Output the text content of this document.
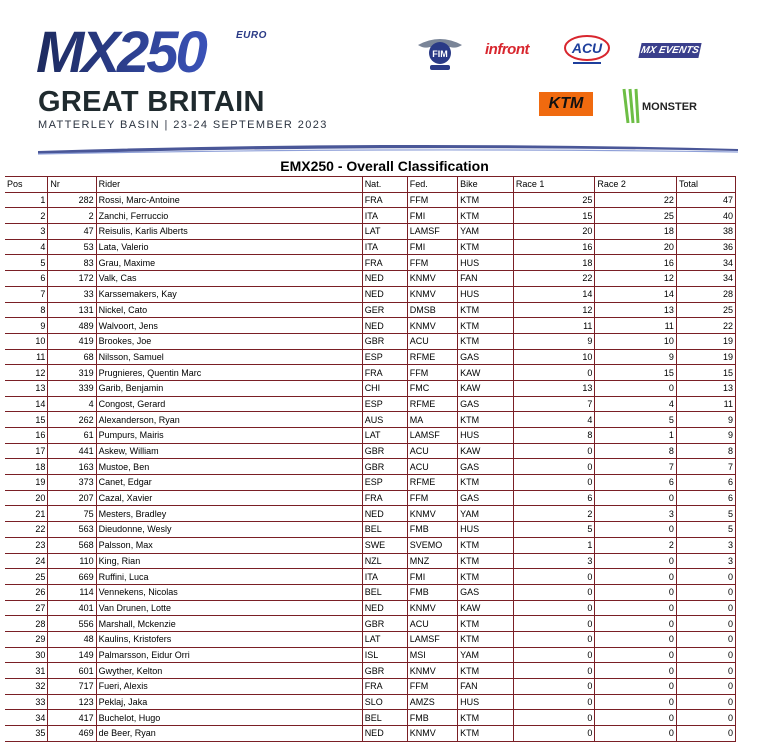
MX250	EURO
GREAT BRITAIN
MATTERLEY BASIN | 23-24 SEPTEMBER 2023
FIM infront	ACU	MX EVENTS
KTM	MONSTER
EMX250 - Overall Classification
Pos	Nr	Rider	Nat.	Fed.	Bike	Race 1	Race 2	Total
1	282	Rossi, Marc-Antoine	FRA	FFM	KTM	25	22	47
2	2	Zanchi, Ferruccio	ITA	FMI	KTM	15	25	40
3	47	Reisulis, Karlis Alberts	LAT	LAMSF	YAM	20	18	38
4	53	Lata, Valerio	ITA	FMI	KTM	16	20	36
5	83	Grau, Maxime	FRA	FFM	HUS	18	16	34
6	172	Valk, Cas	NED	KNMV	FAN	22	12	34
7	33	Karssemakers, Kay	NED	KNMV	HUS	14	14	28
8	131	Nickel, Cato	GER	DMSB	KTM	12	13	25
9	489	Walvoort, Jens	NED	KNMV	KTM	11	11	22
10	419	Brookes, Joe	GBR	ACU	KTM	9	10	19
11	68	Nilsson, Samuel	ESP	RFME	GAS	10	9	19
12	319	Prugnieres, Quentin Marc	FRA	FFM	KAW	0	15	15
13	339	Garib, Benjamin	CHI	FMC	KAW	13	0	13
14	4	Congost, Gerard	ESP	RFME	GAS	7	4	11
15	262	Alexanderson, Ryan	AUS	MA	KTM	4	5	9
16	61	Pumpurs, Mairis	LAT	LAMSF	HUS	8	1	9
17	441	Askew, William	GBR	ACU	KAW	0	8	8
18	163	Mustoe, Ben	GBR	ACU	GAS	0	7	7
19	373	Canet, Edgar	ESP	RFME	KTM	0	6	6
20	207	Cazal, Xavier	FRA	FFM	GAS	6	0	6
21	75	Mesters, Bradley	NED	KNMV	YAM	2	3	5
22	563	Dieudonne, Wesly	BEL	FMB	HUS	5	0	5
23	568	Palsson, Max	SWE	SVEMO	KTM	1	2	3
24	110	King, Rian	NZL	MNZ	KTM	3	0	3
25	669	Ruffini, Luca	ITA	FMI	KTM	0	0	0
26	114	Vennekens, Nicolas	BEL	FMB	GAS	0	0	0
27	401	Van Drunen, Lotte	NED	KNMV	KAW	0	0	0
28	556	Marshall, Mckenzie	GBR	ACU	KTM	0	0	0
29	48	Kaulins, Kristofers	LAT	LAMSF	KTM	0	0	0
30	149	Palmarsson, Eidur Orri	ISL	MSI	YAM	0	0	0
31	601	Gwyther, Kelton	GBR	KNMV	KTM	0	0	0
32	717	Fueri, Alexis	FRA	FFM	FAN	0	0	0
33	123	Peklaj, Jaka	SLO	AMZS	HUS	0	0	0
34	417	Buchelot, Hugo	BEL	FMB	KTM	0	0	0
35	469	de Beer, Ryan	NED	KNMV	KTM	0	0	0
